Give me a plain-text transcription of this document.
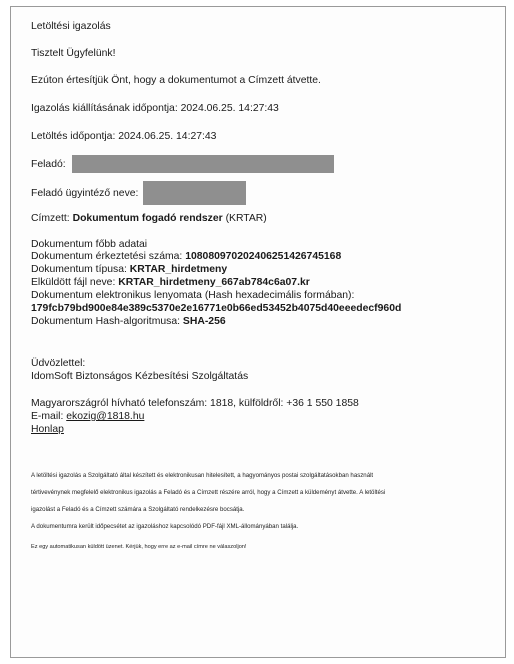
Letöltési igazolás
Tisztelt Ügyfelünk!
Ezúton értesítjük Önt, hogy a dokumentumot a Címzett átvette.
Igazolás kiállításának időpontja: 2024.06.25. 14:27:43
Letöltés időpontja: 2024.06.25. 14:27:43
Feladó:
Feladó ügyintéző neve:
Címzett: Dokumentum fogadó rendszer (KRTAR)
Dokumentum főbb adatai
Dokumentum érkeztetési száma: 10808097020240625142674516​8
Dokumentum típusa: KRTAR_hirdetmeny
Elküldött fájl neve: KRTAR_hirdetmeny_667ab784c6a07.kr
Dokumentum elektronikus lenyomata (Hash hexadecimális formában):
179fcb79bd900e84e389c5370e2e16771e0b66ed53452b4075d40eeedecf960d
Dokumentum Hash-algoritmusa: SHA-256
Üdvözlettel:
IdomSoft Biztonságos Kézbesítési Szolgáltatás
Magyarországról hívható telefonszám: 1818, külföldről: +36 1 550 1858
E-mail: ekozig@1818.hu
Honlap
A letöltési igazolás a Szolgáltató által készített és elektronikusan hitelesített, a hagyományos postai szolgáltatásokban használt
tértivevénynek megfelelő elektronikus igazolás a Feladó és a Címzett részére arról, hogy a Címzett a küldeményt átvette. A letöltési
igazolást a Feladó és a Címzett számára a Szolgáltató rendelkezésre bocsátja.
A dokumentumra került időpecsétet az igazoláshoz kapcsolódó PDF-fájl XML-állományában találja.
Ez egy automatikusan küldött üzenet. Kérjük, hogy erre az e-mail címre ne válaszoljon!
